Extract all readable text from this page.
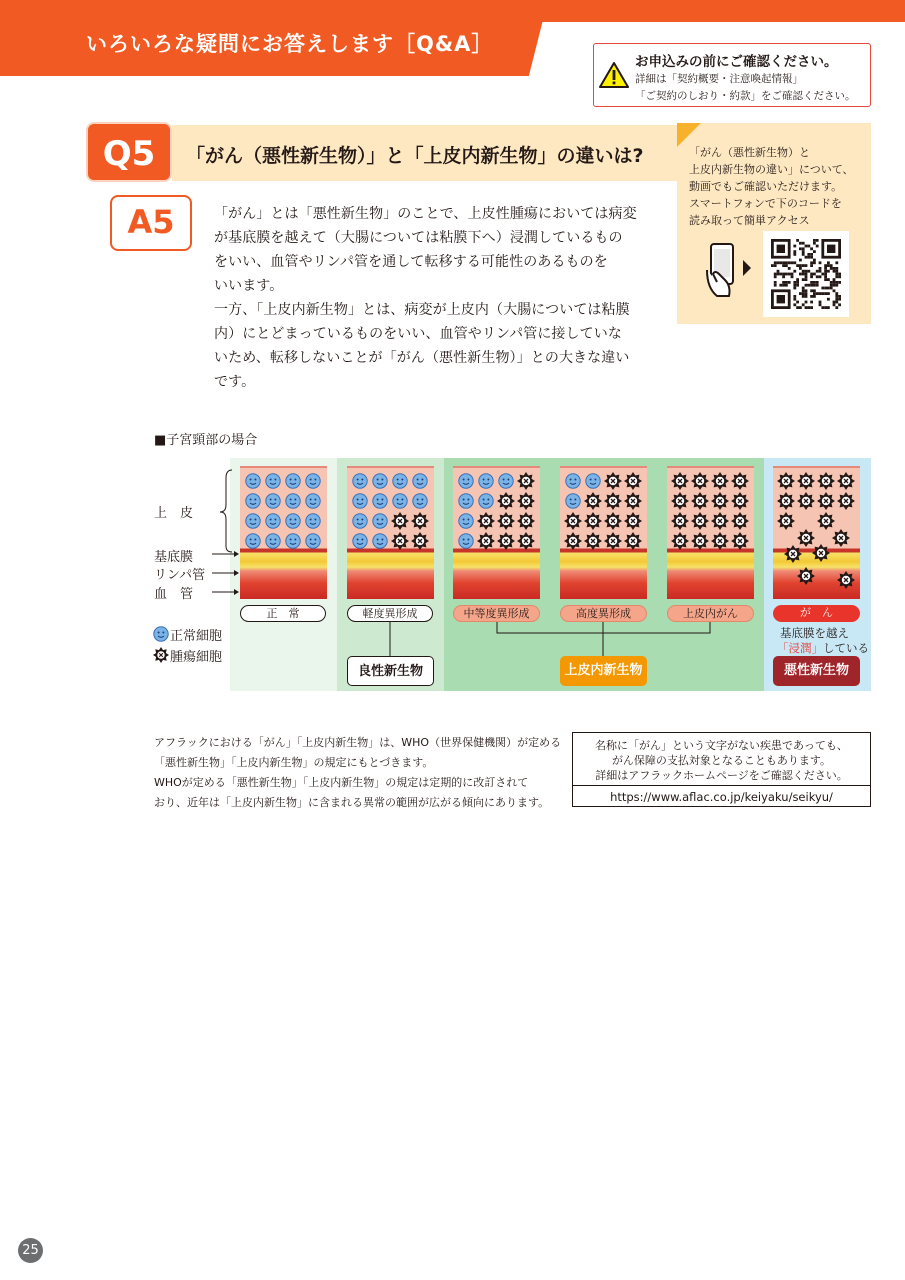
いろいろな疑問にお答えします［Q&A］
お申込みの前にご確認ください。
詳細は「契約概要・注意喚起情報」
「ご契約のしおり・約款」をご確認ください。
Q5	「がん（悪性新生物）」と「上皮内新生物」の違いは?	「がん（悪性新生物）と
上皮内新生物の違い」について、
動画でもご確認いただけます。
スマートフォンで下のコードを
読み取って簡単アクセス
A5	「がん」とは「悪性新生物」のことで、上皮性腫瘍においては病変
が基底膜を越えて（大腸については粘膜下へ）浸潤しているもの
をいい、血管やリンパ管を通して転移する可能性のあるものを
いいます。
一方、「上皮内新生物」とは、病変が上皮内（大腸については粘膜
内）にとどまっているものをいい、血管やリンパ管に接していな
いため、転移しないことが「がん（悪性新生物）」との大きな違い
です。
■子宮頸部の場合
上　皮
基底膜
リンパ管
血　管
正常細胞
腫瘍細胞
正　常	軽度異形成	中等度異形成	高度異形成	上皮内がん	が　ん
基底膜を越え
「浸潤」している
良性新生物	上皮内新生物	悪性新生物
アフラックにおける「がん」「上皮内新生物」は、WHO（世界保健機関）が定める
「悪性新生物」「上皮内新生物」の規定にもとづきます。
WHOが定める「悪性新生物」「上皮内新生物」の規定は定期的に改訂されて
おり、近年は「上皮内新生物」に含まれる異常の範囲が広がる傾向にあります。
名称に「がん」という文字がない疾患であっても、
がん保障の支払対象となることもあります。
詳細はアフラックホームページをご確認ください。
https://www.aflac.co.jp/keiyaku/seikyu/
25
